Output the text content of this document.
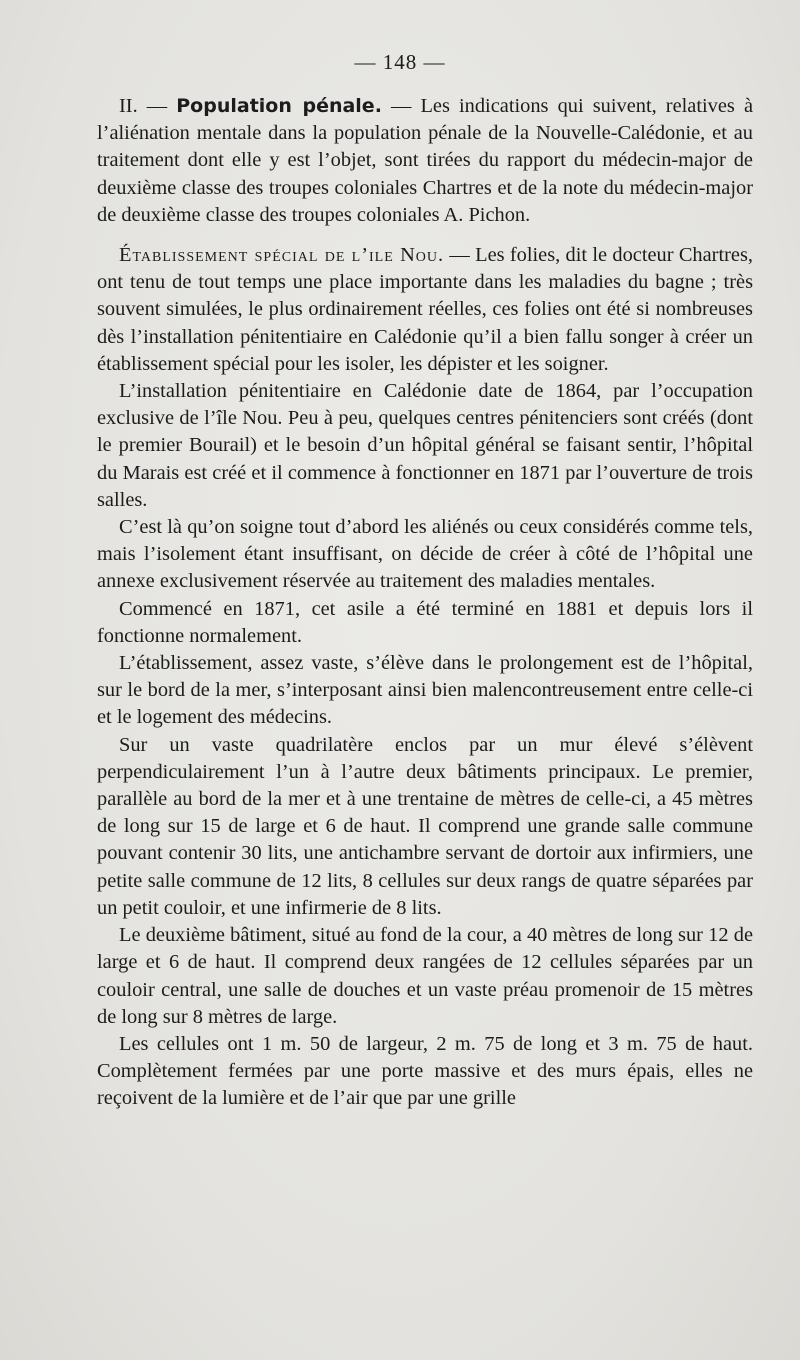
— 148 —

II. — Population pénale. — Les indications qui suivent, relatives à l’aliénation mentale dans la population pénale de la Nouvelle-Calédonie, et au traitement dont elle y est l’objet, sont tirées du rapport du médecin-major de deuxième classe des troupes coloniales Chartres et de la note du médecin-major de deuxième classe des troupes coloniales A. Pichon.

Établissement spécial de l’ile Nou. — Les folies, dit le docteur Chartres, ont tenu de tout temps une place importante dans les maladies du bagne ; très souvent simulées, le plus ordinairement réelles, ces folies ont été si nombreuses dès l’installation pénitentiaire en Calédonie qu’il a bien fallu songer à créer un établissement spécial pour les isoler, les dépister et les soigner.

L’installation pénitentiaire en Calédonie date de 1864, par l’occupation exclusive de l’île Nou. Peu à peu, quelques centres pénitenciers sont créés (dont le premier Bourail) et le besoin d’un hôpital général se faisant sentir, l’hôpital du Marais est créé et il commence à fonctionner en 1871 par l’ouverture de trois salles.

C’est là qu’on soigne tout d’abord les aliénés ou ceux considérés comme tels, mais l’isolement étant insuffisant, on décide de créer à côté de l’hôpital une annexe exclusivement réservée au traitement des maladies mentales.

Commencé en 1871, cet asile a été terminé en 1881 et depuis lors il fonctionne normalement.

L’établissement, assez vaste, s’élève dans le prolongement est de l’hôpital, sur le bord de la mer, s’interposant ainsi bien malencontreusement entre celle-ci et le logement des médecins.

Sur un vaste quadrilatère enclos par un mur élevé s’élèvent perpendiculairement l’un à l’autre deux bâtiments principaux. Le premier, parallèle au bord de la mer et à une trentaine de mètres de celle-ci, a 45 mètres de long sur 15 de large et 6 de haut. Il comprend une grande salle commune pouvant contenir 30 lits, une antichambre servant de dortoir aux infirmiers, une petite salle commune de 12 lits, 8 cellules sur deux rangs de quatre séparées par un petit couloir, et une infirmerie de 8 lits.

Le deuxième bâtiment, situé au fond de la cour, a 40 mètres de long sur 12 de large et 6 de haut. Il comprend deux rangées de 12 cellules séparées par un couloir central, une salle de douches et un vaste préau promenoir de 15 mètres de long sur 8 mètres de large.

Les cellules ont 1 m. 50 de largeur, 2 m. 75 de long et 3 m. 75 de haut. Complètement fermées par une porte massive et des murs épais, elles ne reçoivent de la lumière et de l’air que par une grille
